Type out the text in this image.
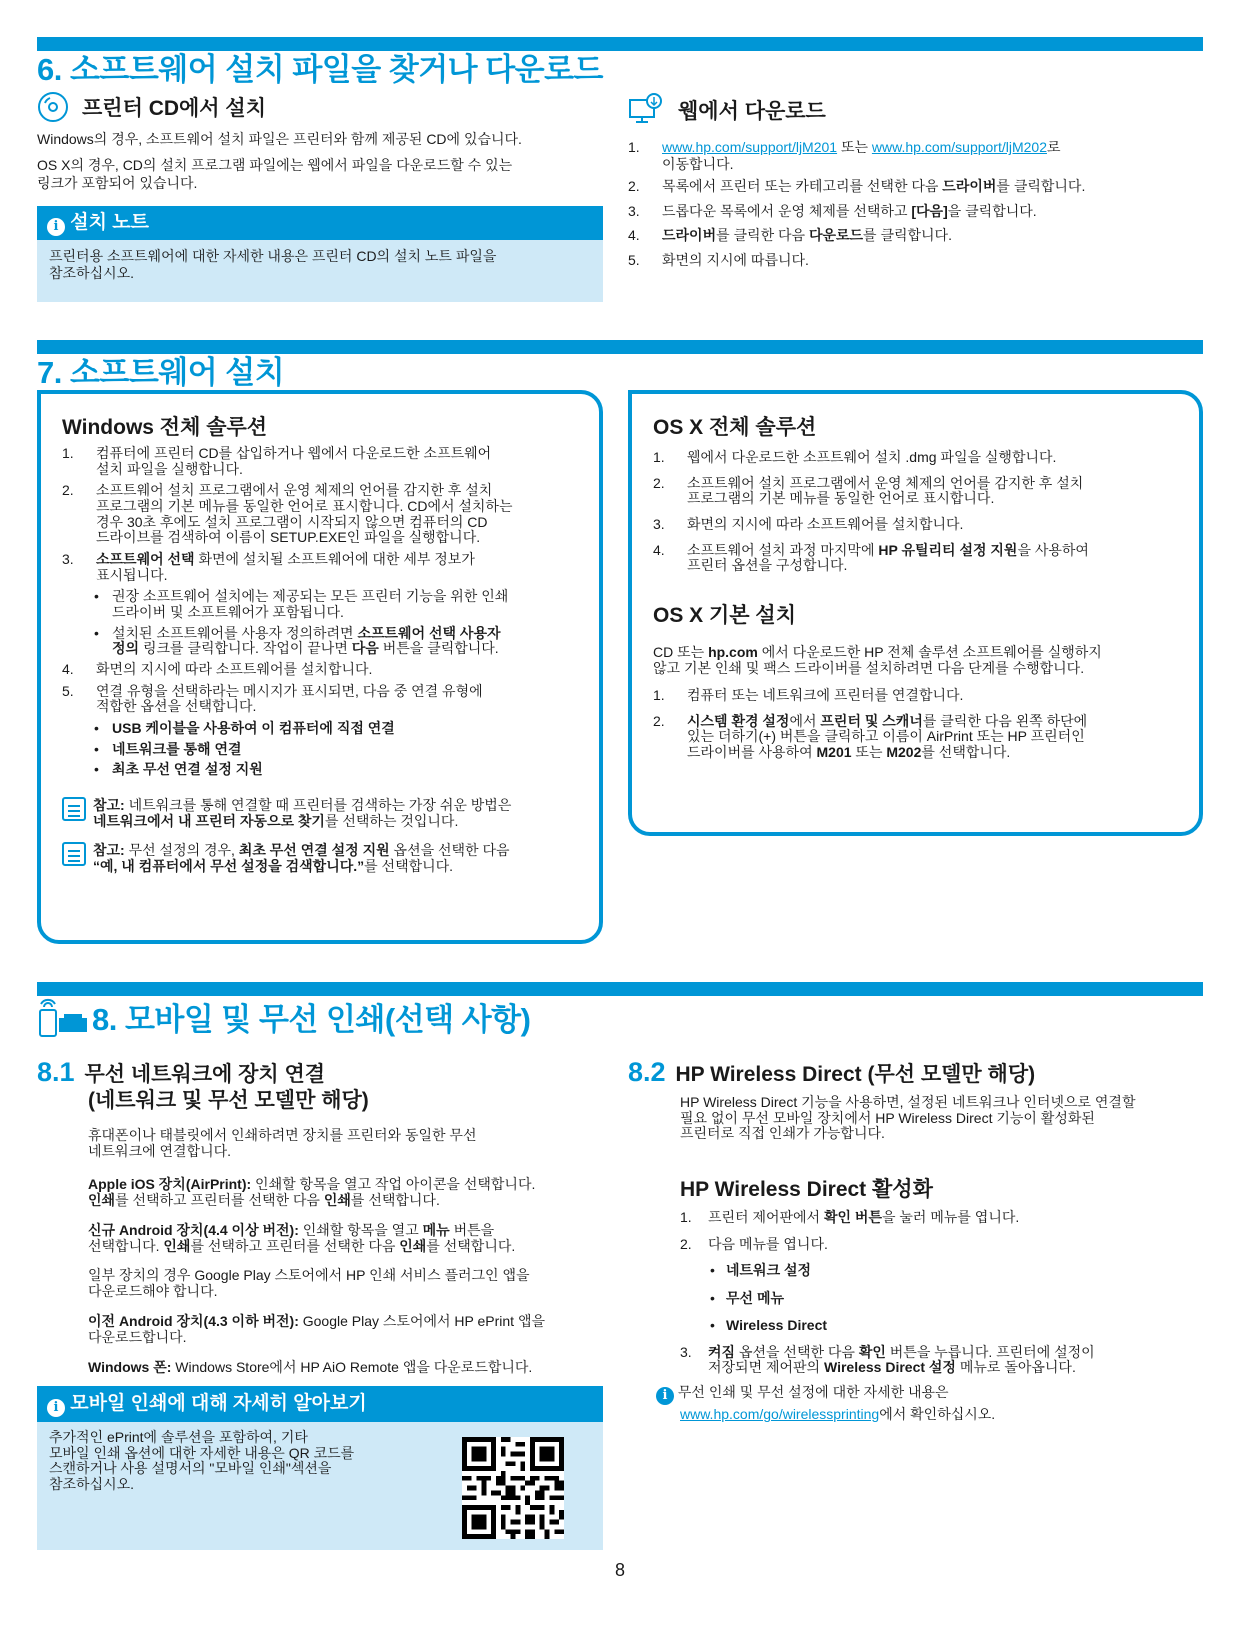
6. 소프트웨어 설치 파일을 찾거나 다운로드
프린터 CD에서 설치
Windows의 경우, 소프트웨어 설치 파일은 프린터와 함께 제공된 CD에 있습니다.
OS X의 경우, CD의 설치 프로그램 파일에는 웹에서 파일을 다운로드할 수 있는
링크가 포함되어 있습니다.
i 설치 노트
프린터용 소프트웨어에 대한 자세한 내용은 프린터 CD의 설치 노트 파일을
참조하십시오.
웹에서 다운로드
1. www.hp.com/support/ljM201 또는 www.hp.com/support/ljM202로
이동합니다.
2. 목록에서 프린터 또는 카테고리를 선택한 다음 드라이버를 클릭합니다.
3. 드롭다운 목록에서 운영 체제를 선택하고 [다음]을 클릭합니다.
4. 드라이버를 클릭한 다음 다운로드를 클릭합니다.
5. 화면의 지시에 따릅니다.
7. 소프트웨어 설치
Windows 전체 솔루션
1. 컴퓨터에 프린터 CD를 삽입하거나 웹에서 다운로드한 소프트웨어
설치 파일을 실행합니다.
2. 소프트웨어 설치 프로그램에서 운영 체제의 언어를 감지한 후 설치
프로그램의 기본 메뉴를 동일한 언어로 표시합니다. CD에서 설치하는
경우 30초 후에도 설치 프로그램이 시작되지 않으면 컴퓨터의 CD
드라이브를 검색하여 이름이 SETUP.EXE인 파일을 실행합니다.
3. 소프트웨어 선택 화면에 설치될 소프트웨어에 대한 세부 정보가
표시됩니다.
• 권장 소프트웨어 설치에는 제공되는 모든 프린터 기능을 위한 인쇄
드라이버 및 소프트웨어가 포함됩니다.
• 설치된 소프트웨어를 사용자 정의하려면 소프트웨어 선택 사용자
정의 링크를 클릭합니다. 작업이 끝나면 다음 버튼을 클릭합니다.
4. 화면의 지시에 따라 소프트웨어를 설치합니다.
5. 연결 유형을 선택하라는 메시지가 표시되면, 다음 중 연결 유형에
적합한 옵션을 선택합니다.
• USB 케이블을 사용하여 이 컴퓨터에 직접 연결
• 네트워크를 통해 연결
• 최초 무선 연결 설정 지원
참고: 네트워크를 통해 연결할 때 프린터를 검색하는 가장 쉬운 방법은
네트워크에서 내 프린터 자동으로 찾기를 선택하는 것입니다.
참고: 무선 설정의 경우, 최초 무선 연결 설정 지원 옵션을 선택한 다음
“예, 내 컴퓨터에서 무선 설정을 검색합니다.”를 선택합니다.
OS X 전체 솔루션
1. 웹에서 다운로드한 소프트웨어 설치 .dmg 파일을 실행합니다.
2. 소프트웨어 설치 프로그램에서 운영 체제의 언어를 감지한 후 설치
프로그램의 기본 메뉴를 동일한 언어로 표시합니다.
3. 화면의 지시에 따라 소프트웨어를 설치합니다.
4. 소프트웨어 설치 과정 마지막에 HP 유틸리티 설정 지원을 사용하여
프린터 옵션을 구성합니다.
OS X 기본 설치
CD 또는 hp.com 에서 다운로드한 HP 전체 솔루션 소프트웨어를 실행하지
않고 기본 인쇄 및 팩스 드라이버를 설치하려면 다음 단계를 수행합니다.
1. 컴퓨터 또는 네트워크에 프린터를 연결합니다.
2. 시스템 환경 설정에서 프린터 및 스캐너를 클릭한 다음 왼쪽 하단에
있는 더하기(+) 버튼을 클릭하고 이름이 AirPrint 또는 HP 프린터인
드라이버를 사용하여 M201 또는 M202를 선택합니다.
8. 모바일 및 무선 인쇄(선택 사항)
8.1 무선 네트워크에 장치 연결
(네트워크 및 무선 모델만 해당)
휴대폰이나 태블릿에서 인쇄하려면 장치를 프린터와 동일한 무선
네트워크에 연결합니다.
Apple iOS 장치(AirPrint): 인쇄할 항목을 열고 작업 아이콘을 선택합니다.
인쇄를 선택하고 프린터를 선택한 다음 인쇄를 선택합니다.
신규 Android 장치(4.4 이상 버전): 인쇄할 항목을 열고 메뉴 버튼을
선택합니다. 인쇄를 선택하고 프린터를 선택한 다음 인쇄를 선택합니다.
일부 장치의 경우 Google Play 스토어에서 HP 인쇄 서비스 플러그인 앱을
다운로드해야 합니다.
이전 Android 장치(4.3 이하 버전): Google Play 스토어에서 HP ePrint 앱을
다운로드합니다.
Windows 폰: Windows Store에서 HP AiO Remote 앱을 다운로드합니다.
i 모바일 인쇄에 대해 자세히 알아보기
추가적인 ePrint에 솔루션을 포함하여, 기타
모바일 인쇄 옵션에 대한 자세한 내용은 QR 코드를
스캔하거나 사용 설명서의 "모바일 인쇄"섹션을
참조하십시오.
8.2 HP Wireless Direct (무선 모델만 해당)
HP Wireless Direct 기능을 사용하면, 설정된 네트워크나 인터넷으로 연결할
필요 없이 무선 모바일 장치에서 HP Wireless Direct 기능이 활성화된
프린터로 직접 인쇄가 가능합니다.
HP Wireless Direct 활성화
1. 프린터 제어판에서 확인 버튼을 눌러 메뉴를 엽니다.
2. 다음 메뉴를 엽니다.
• 네트워크 설정
• 무선 메뉴
• Wireless Direct
3. 켜짐 옵션을 선택한 다음 확인 버튼을 누릅니다. 프린터에 설정이
저장되면 제어판의 Wireless Direct 설정 메뉴로 돌아옵니다.
i 무선 인쇄 및 무선 설정에 대한 자세한 내용은
www.hp.com/go/wirelessprinting에서 확인하십시오.
8
